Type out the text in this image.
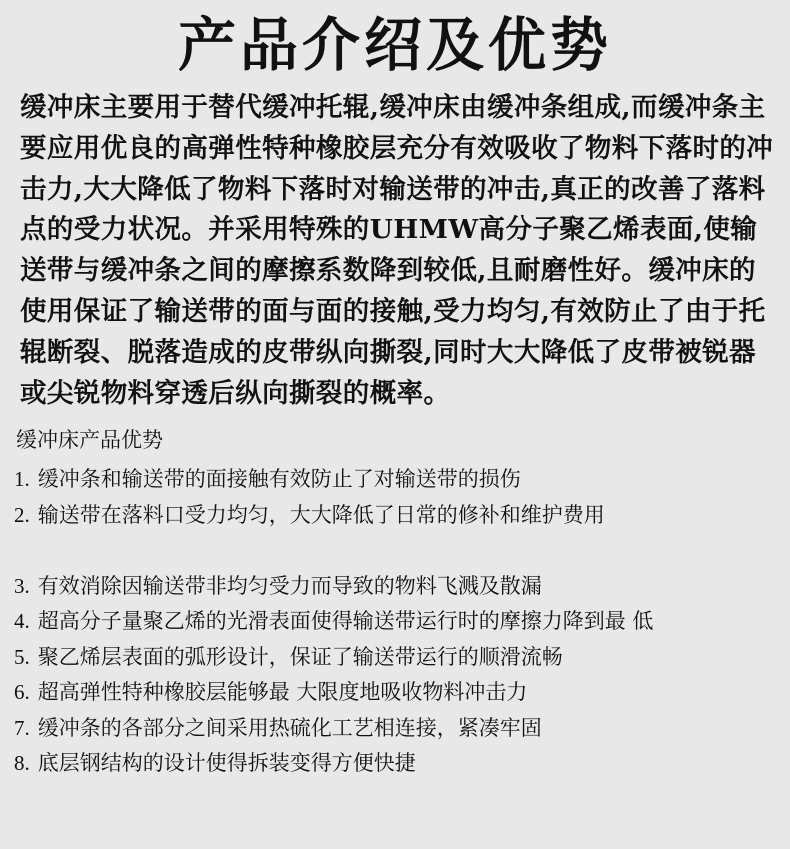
产品介绍及优势

缓冲床主要用于替代缓冲托辊,缓冲床由缓冲条组成,而缓冲条主要应用优良的高弹性特种橡胶层充分有效吸收了物料下落时的冲击力,大大降低了物料下落时对输送带的冲击,真正的改善了落料点的受力状况。并采用特殊的UHMW高分子聚乙烯表面,使输送带与缓冲条之间的摩擦系数降到较低,且耐磨性好。缓冲床的使用保证了输送带的面与面的接触,受力均匀,有效防止了由于托辊断裂、脱落造成的皮带纵向撕裂,同时大大降低了皮带被锐器或尖锐物料穿透后纵向撕裂的概率。

缓冲床产品优势
1. 缓冲条和输送带的面接触有效防止了对输送带的损伤
2. 输送带在落料口受力均匀，大大降低了日常的修补和维护费用
3. 有效消除因输送带非均匀受力而导致的物料飞溅及散漏
4. 超高分子量聚乙烯的光滑表面使得输送带运行时的摩擦力降到最 低
5. 聚乙烯层表面的弧形设计，保证了输送带运行的顺滑流畅
6. 超高弹性特种橡胶层能够最 大限度地吸收物料冲击力
7. 缓冲条的各部分之间采用热硫化工艺相连接，紧凑牢固
8. 底层钢结构的设计使得拆装变得方便快捷
